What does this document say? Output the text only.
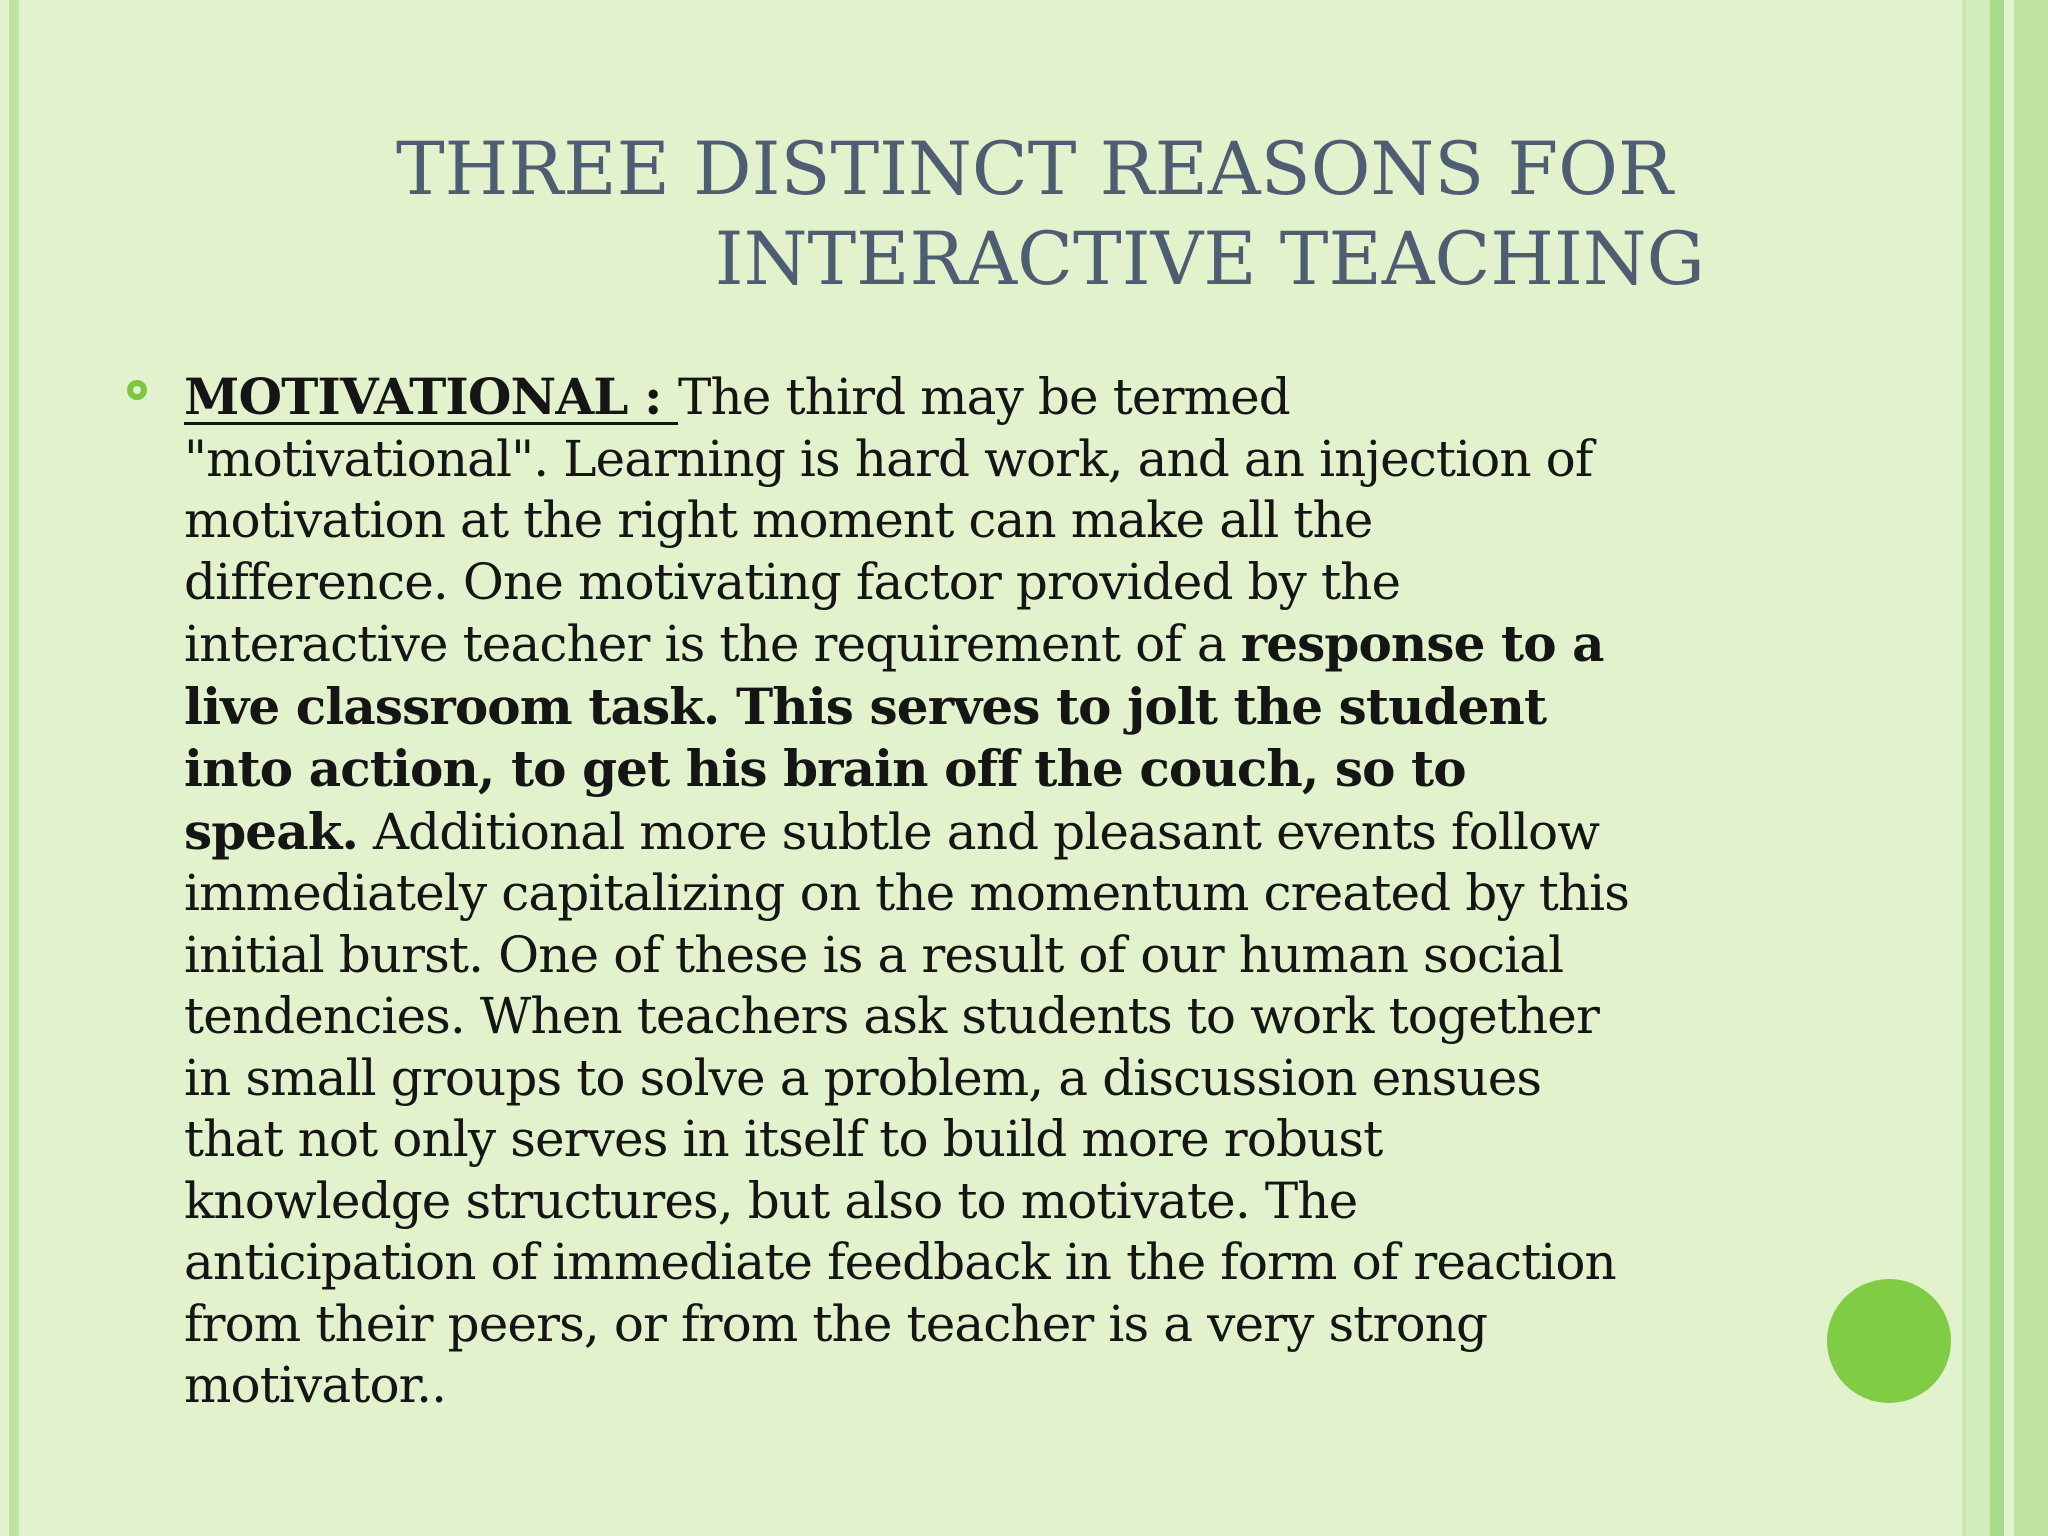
THREE DISTINCT REASONS FOR
INTERACTIVE TEACHING

MOTIVATIONAL : The third may be termed
"motivational". Learning is hard work, and an injection of
motivation at the right moment can make all the
difference. One motivating factor provided by the
interactive teacher is the requirement of a response to a
live classroom task. This serves to jolt the student
into action, to get his brain off the couch, so to
speak. Additional more subtle and pleasant events follow
immediately capitalizing on the momentum created by this
initial burst. One of these is a result of our human social
tendencies. When teachers ask students to work together
in small groups to solve a problem, a discussion ensues
that not only serves in itself to build more robust
knowledge structures, but also to motivate. The
anticipation of immediate feedback in the form of reaction
from their peers, or from the teacher is a very strong
motivator..
